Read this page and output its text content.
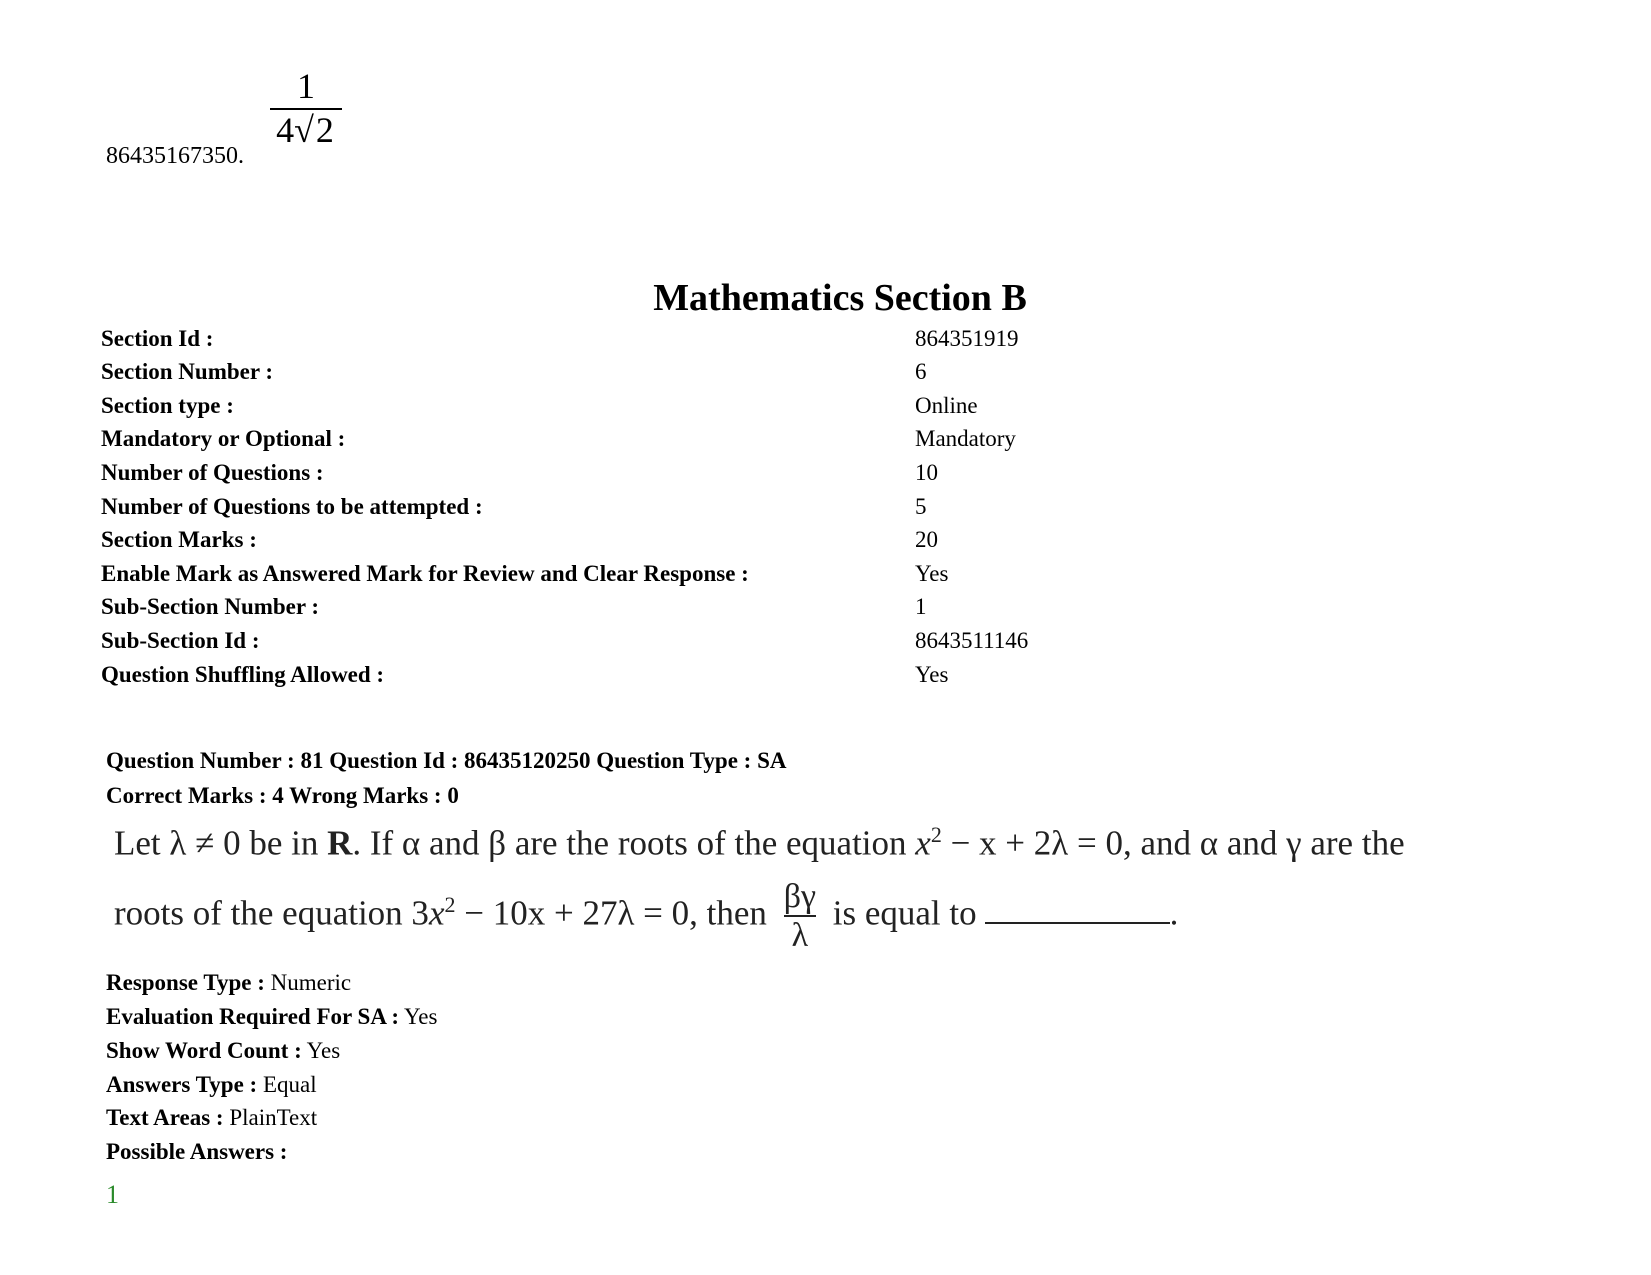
86435167350.
1
4√2
Mathematics Section B
Section Id :	864351919
Section Number :	6
Section type :	Online
Mandatory or Optional :	Mandatory
Number of Questions :	10
Number of Questions to be attempted :	5
Section Marks :	20
Enable Mark as Answered Mark for Review and Clear Response :	Yes
Sub-Section Number :	1
Sub-Section Id :	8643511146
Question Shuffling Allowed :	Yes
Question Number : 81 Question Id : 86435120250 Question Type : SA
Correct Marks : 4 Wrong Marks : 0
Let λ ≠ 0 be in R. If α and β are the roots of the equation $x^2 - x + 2\lambda = 0$, and α and γ are the
roots of the equation $3x^2 - 10x + 27\lambda = 0$, then $\frac{\beta\gamma}{\lambda}$ is equal to	.
Response Type : Numeric
Evaluation Required For SA : Yes
Show Word Count : Yes
Answers Type : Equal
Text Areas : PlainText
Possible Answers :
1
